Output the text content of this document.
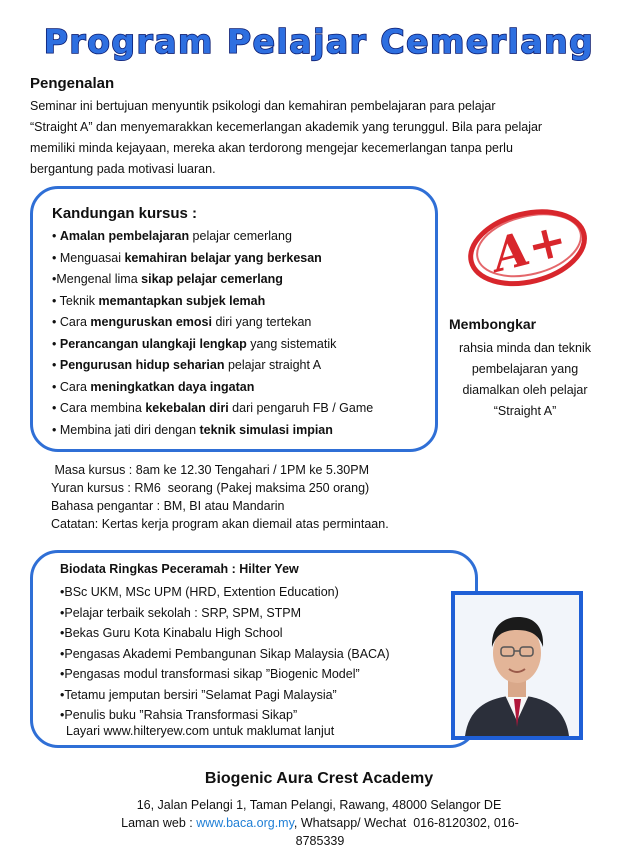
Program Pelajar Cemerlang
Pengenalan
Seminar ini bertujuan menyuntik psikologi dan kemahiran pembelajaran para pelajar
“Straight A” dan menyemarakkan kecemerlangan akademik yang terunggul. Bila para pelajar
memiliki minda kejayaan, mereka akan terdorong mengejar kecemerlangan tanpa perlu
bergantung pada motivasi luaran.
Kandungan kursus :
• Amalan pembelajaran pelajar cemerlang
• Menguasai kemahiran belajar yang berkesan
•Mengenal lima sikap pelajar cemerlang
• Teknik memantapkan subjek lemah
• Cara menguruskan emosi diri yang tertekan
• Perancangan ulangkaji lengkap yang sistematik
• Pengurusan hidup seharian pelajar straight A
• Cara meningkatkan daya ingatan
• Cara membina kekebalan diri dari pengaruh FB / Game
• Membina jati diri dengan teknik simulasi impian
A+
Membongkar
rahsia minda dan teknik
pembelajaran yang
diamalkan oleh pelajar
“Straight A”
Masa kursus : 8am ke 12.30 Tengahari / 1PM ke 5.30PM
Yuran kursus : RM6  seorang (Pakej maksima 250 orang)
Bahasa pengantar : BM, BI atau Mandarin
Catatan: Kertas kerja program akan diemail atas permintaan.
Biodata Ringkas Peceramah : Hilter Yew
•BSc UKM, MSc UPM (HRD, Extention Education)
•Pelajar terbaik sekolah : SRP, SPM, STPM
•Bekas Guru Kota Kinabalu High School
•Pengasas Akademi Pembangunan Sikap Malaysia (BACA)
•Pengasas modul transformasi sikap ”Biogenic Model”
•Tetamu jemputan bersiri ”Selamat Pagi Malaysia”
•Penulis buku ”Rahsia Transformasi Sikap”
Layari www.hilteryew.com untuk maklumat lanjut
Biogenic Aura Crest Academy
16, Jalan Pelangi 1, Taman Pelangi, Rawang, 48000 Selangor DE
Laman web : www.baca.org.my, Whatsapp/ Wechat  016-8120302, 016-
8785339
